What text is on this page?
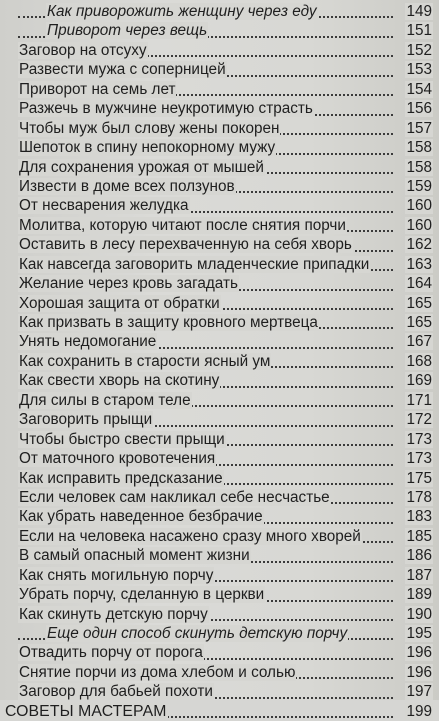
Как приворожить женщину через еду	149
Приворот через вещь	151
Заговор на отсуху	152
Развести мужа с соперницей	153
Приворот на семь лет	154
Разжечь в мужчине неукротимую страсть	156
Чтобы муж был слову жены покорен	157
Шепоток в спину непокорному мужу	158
Для сохранения урожая от мышей	158
Извести в доме всех ползунов	159
От несварения желудка	160
Молитва, которую читают после снятия порчи	160
Оставить в лесу перехваченную на себя хворь	162
Как навсегда заговорить младенческие припадки	163
Желание через кровь загадать	164
Хорошая защита от обратки	165
Как призвать в защиту кровного мертвеца	165
Унять недомогание	167
Как сохранить в старости ясный ум	168
Как свести хворь на скотину	169
Для силы в старом теле	171
Заговорить прыщи	172
Чтобы быстро свести прыщи	173
От маточного кровотечения	173
Как исправить предсказание	175
Если человек сам накликал себе несчастье	178
Как убрать наведенное безбрачие	183
Если на человека насажено сразу много хворей	185
В самый опасный момент жизни	186
Как снять могильную порчу	187
Убрать порчу, сделанную в церкви	189
Как скинуть детскую порчу	190
Еще один способ скинуть детскую порчу	195
Отвадить порчу от порога	196
Снятие порчи из дома хлебом и солью	196
Заговор для бабьей похоти	197
СОВЕТЫ МАСТЕРАМ	199
